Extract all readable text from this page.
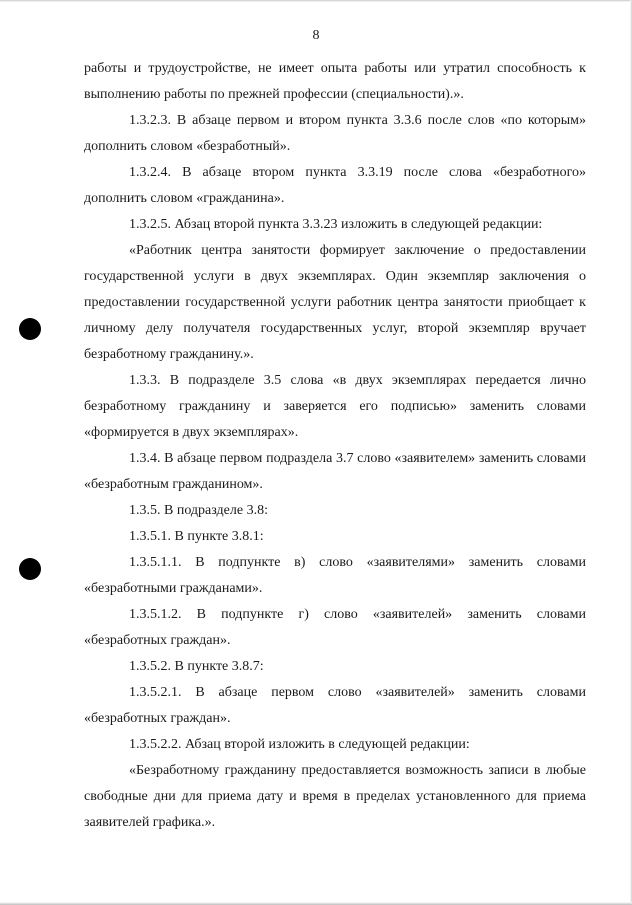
8

работы и трудоустройстве, не имеет опыта работы или утратил способность к выполнению работы по прежней профессии (специальности).».

1.3.2.3. В абзаце первом и втором пункта 3.3.6 после слов «по которым» дополнить словом «безработный».

1.3.2.4. В абзаце втором пункта 3.3.19 после слова «безработного» дополнить словом «гражданина».

1.3.2.5. Абзац второй пункта 3.3.23 изложить в следующей редакции:

«Работник центра занятости формирует заключение о предоставлении государственной услуги в двух экземплярах. Один экземпляр заключения о предоставлении государственной услуги работник центра занятости приобщает к личному делу получателя государственных услуг, второй экземпляр вручает безработному гражданину.».

1.3.3. В подразделе 3.5 слова «в двух экземплярах передается лично безработному гражданину и заверяется его подписью» заменить словами «формируется в двух экземплярах».

1.3.4. В абзаце первом подраздела 3.7 слово «заявителем» заменить словами «безработным гражданином».

1.3.5. В подразделе 3.8:

1.3.5.1. В пункте 3.8.1:

1.3.5.1.1. В подпункте в) слово «заявителями» заменить словами «безработными гражданами».

1.3.5.1.2. В подпункте г) слово «заявителей» заменить словами «безработных граждан».

1.3.5.2. В пункте 3.8.7:

1.3.5.2.1. В абзаце первом слово «заявителей» заменить словами «безработных граждан».

1.3.5.2.2. Абзац второй изложить в следующей редакции:

«Безработному гражданину предоставляется возможность записи в любые свободные дни для приема дату и время в пределах установленного для приема заявителей графика.».
